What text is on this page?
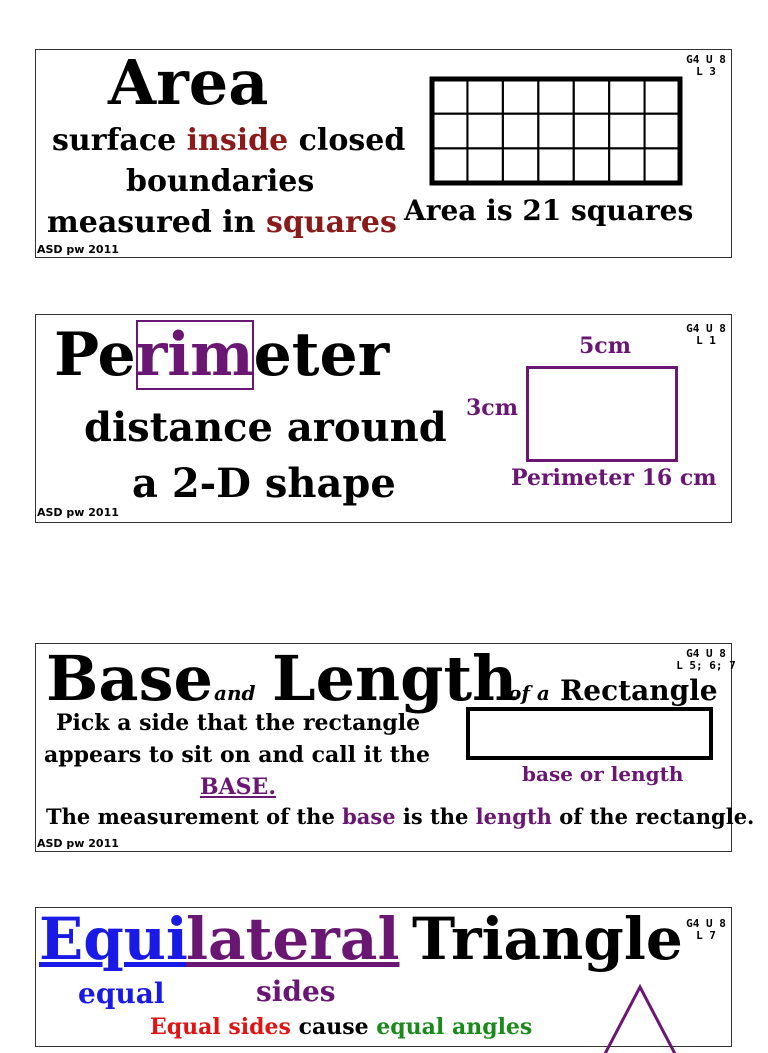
G4 U 8
L 3
Area
surface inside closed
boundaries
measured in squares Area is 21 squares
ASD pw 2011
G4 U 8
L 1
Perimeter
distance around
a 2-D shape
5cm
3cm
Perimeter 16 cm
ASD pw 2011
G4 U 8
L 5; 6; 7
Base and Length
of a Rectangle
Pick a side that the rectangle
appears to sit on and call it the
BASE.	base or length
The measurement of the base is the length of the rectangle.
ASD pw 2011
G4 U 8
L 7
Equi
lateral Triangle
equal	sides
Equal sides cause equal angles
